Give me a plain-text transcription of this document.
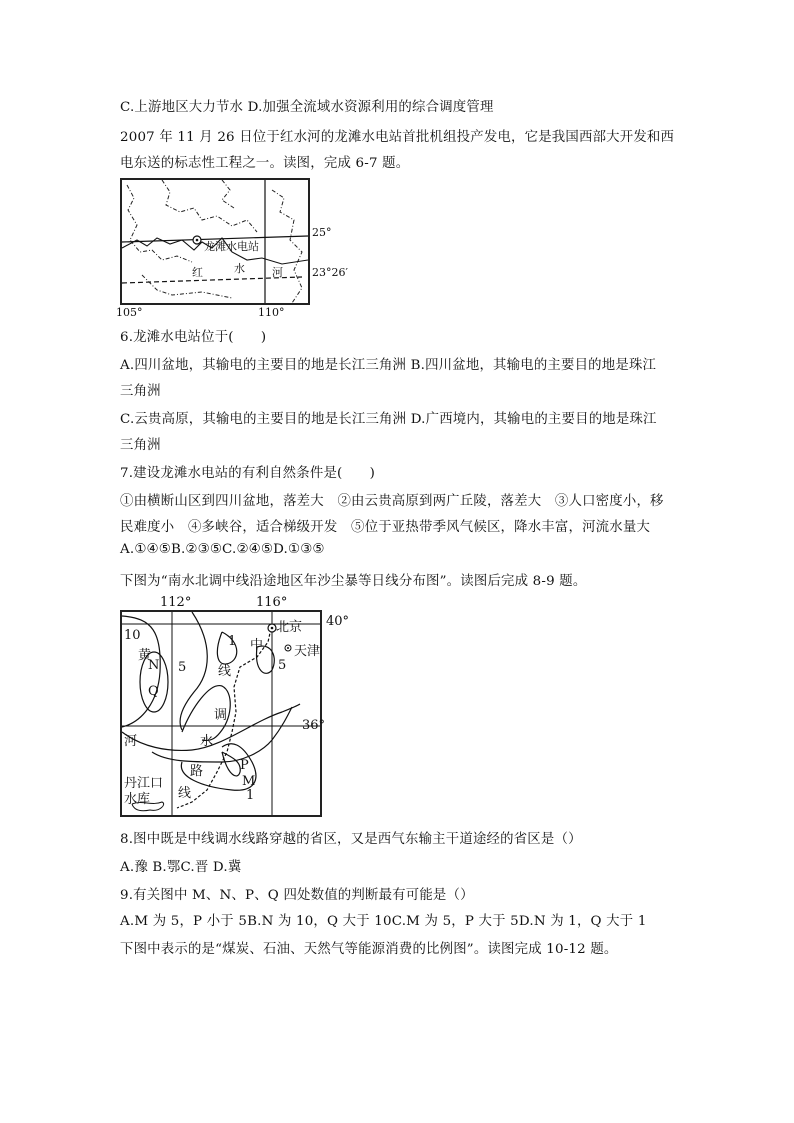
C.上游地区大力节水 D.加强全流域水资源利用的综合调度管理
2007 年 11 月 26 日位于红水河的龙滩水电站首批机组投产发电，它是我国西部大开发和西
电东送的标志性工程之一。读图，完成 6-7 题。
龙滩水电站
红	水 河
25°
23°26′
105°	110°
6.龙滩水电站位于(　　)
A.四川盆地，其输电的主要目的地是长江三角洲 B.四川盆地，其输电的主要目的地是珠江
三角洲
C.云贵高原，其输电的主要目的地是长江三角洲 D.广西境内，其输电的主要目的地是珠江
三角洲
7.建设龙滩水电站的有利自然条件是(　　)
①由横断山区到四川盆地，落差大　②由云贵高原到两广丘陵，落差大　③人口密度小，移
民难度小　④多峡谷，适合梯级开发　⑤位于亚热带季风气候区，降水丰富，河流水量大
A.①④⑤B.②③⑤C.②④⑤D.①③⑤
下图为“南水北调中线沿途地区年沙尘暴等日线分布图”。读图后完成 8-9 题。
112°	116°
北京
天津
10
5	5
1
1
黄
河
N
Q
P
M
中
线
调
水
路
线
丹江口
水库
40°
36°
8.图中既是中线调水线路穿越的省区，又是西气东输主干道途经的省区是（）
A.豫 B.鄂C.晋 D.冀
9.有关图中 M、N、P、Q 四处数值的判断最有可能是（）
A.M 为 5，P 小于 5B.N 为 10，Q 大于 10C.M 为 5，P 大于 5D.N 为 1，Q 大于 1
下图中表示的是“煤炭、石油、天然气等能源消费的比例图”。读图完成 10-12 题。
